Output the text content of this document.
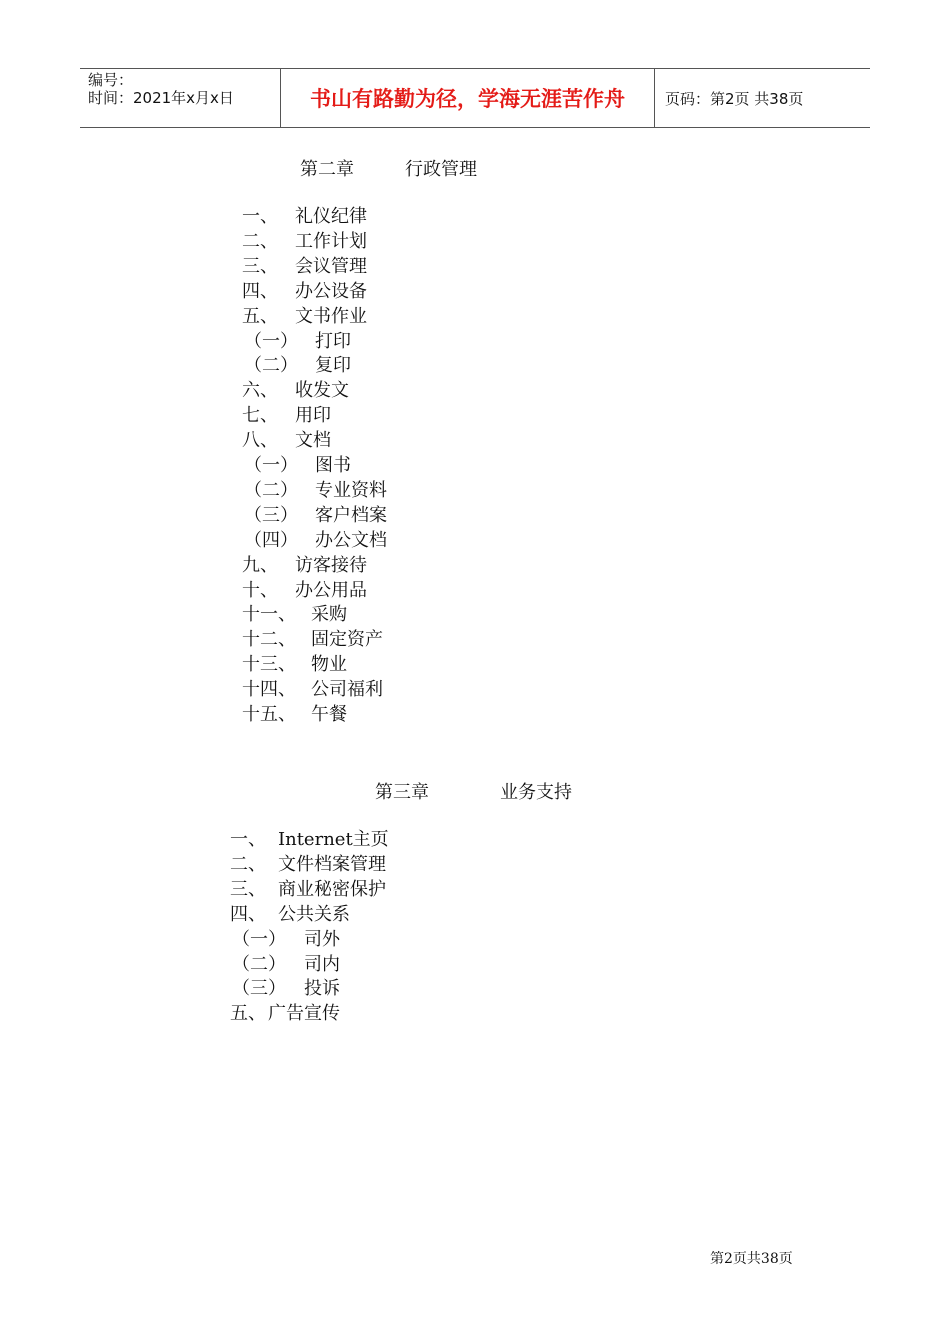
编号：
时间：2021年x月x日	书山有路勤为径，学海无涯苦作舟	页码：第2页 共38页
第二章	行政管理
一、 礼仪纪律
二、 工作计划
三、 会议管理
四、 办公设备
五、 文书作业
（一） 打印
（二） 复印
六、 收发文
七、 用印
八、 文档
（一） 图书
（二） 专业资料
（三） 客户档案
（四） 办公文档
九、 访客接待
十、 办公用品
十一、 采购
十二、 固定资产
十三、 物业
十四、 公司福利
十五、 午餐
第三章	业务支持
一、 Internet主页
二、 文件档案管理
三、 商业秘密保护
四、 公共关系
（一） 司外
（二） 司内
（三） 投诉
五、 广告宣传
第2页共38页
